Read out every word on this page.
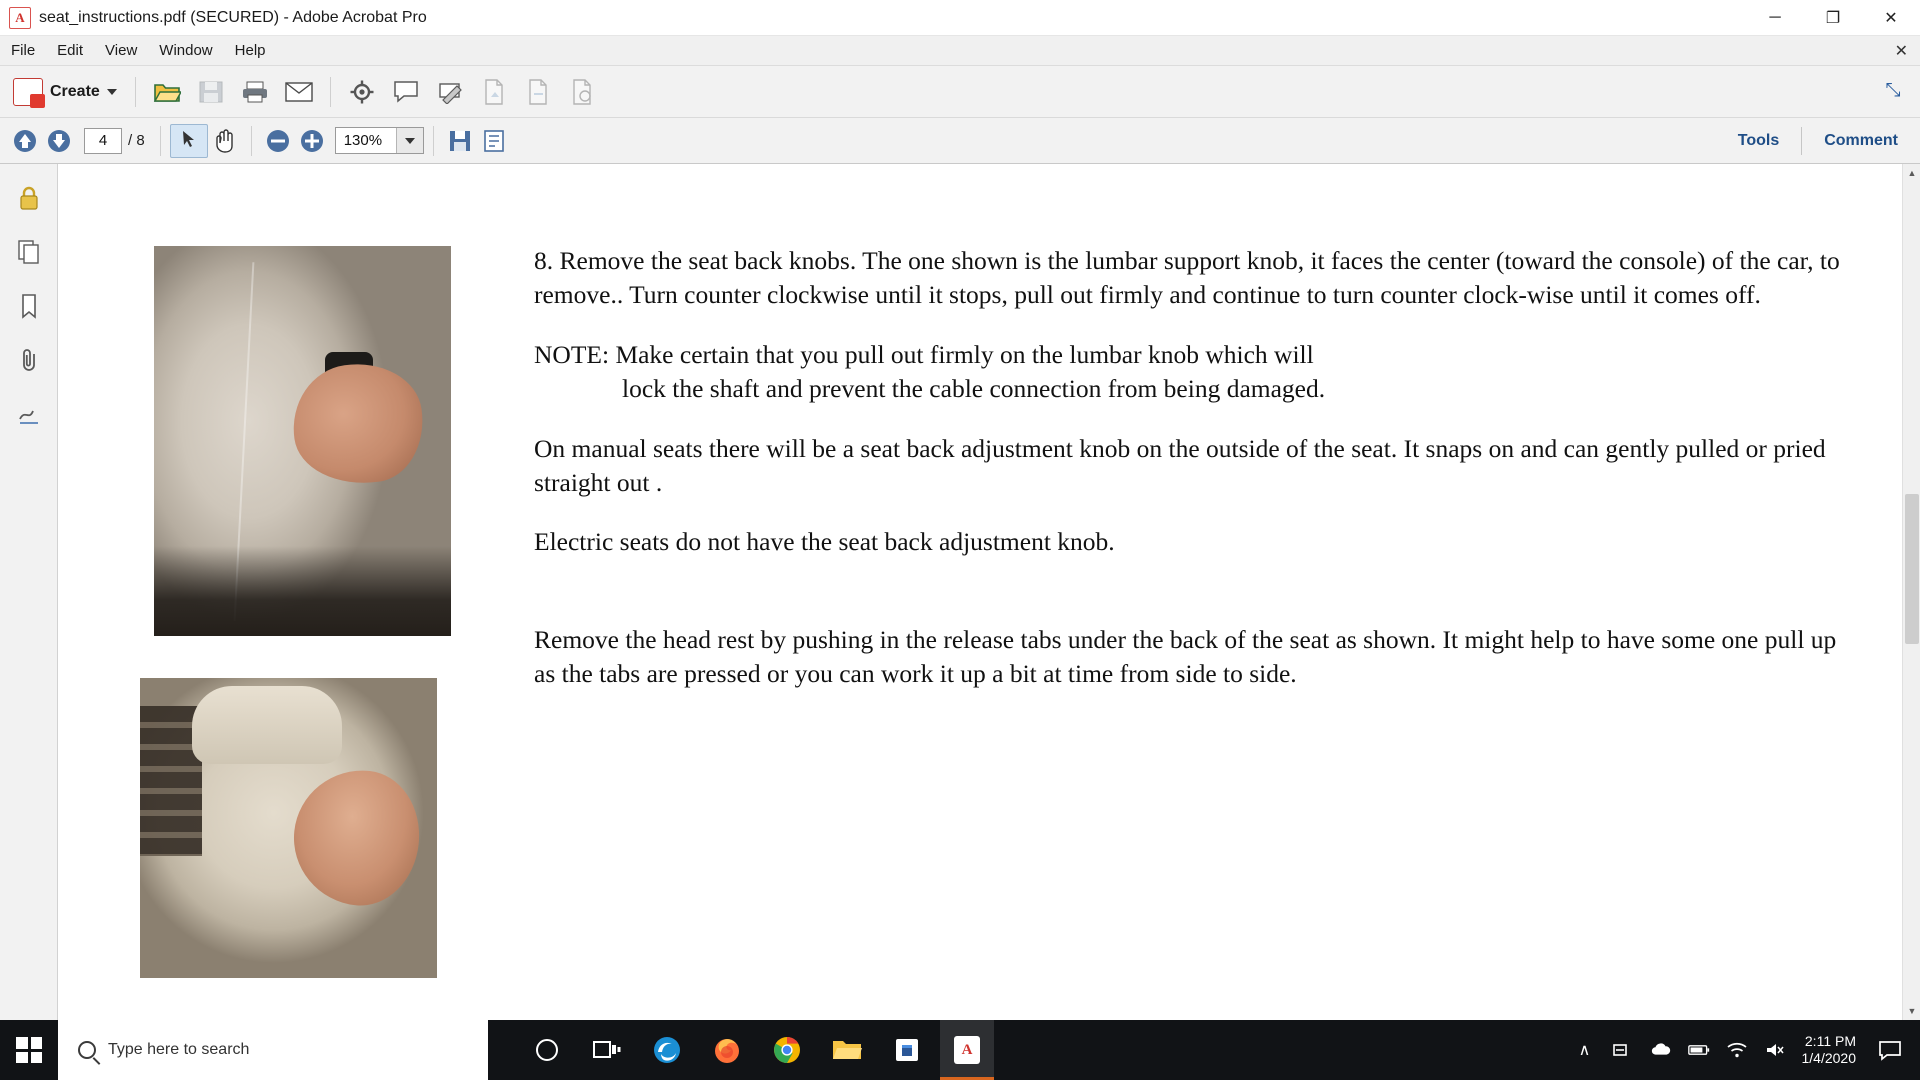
A seat_instructions.pdf (SECURED) - Adobe Acrobat Pro	─	❐	✕
File	Edit	View	Window	Help	✕
Create	⤡
4
/ 8	130%	Tools	Comment

8. Remove the seat back knobs. The one shown is the lumbar support knob, it faces the center (toward the console) of the car, to remove.. Turn counter clockwise until it stops, pull out firmly and continue to turn counter clock-wise until it comes off.

NOTE: Make certain that you pull out firmly on the lumbar knob which will
lock the shaft and prevent the cable connection from being damaged.

On manual seats there will be a seat back adjustment knob on the outside of the seat. It snaps on and can gently pulled or pried straight out .

Electric seats do not have the seat back adjustment knob.

Remove the head rest by pushing in the release tabs under the back of the seat as shown. It might help to have some one pull up as the tabs are pressed or you can work it up a bit at time from side to side.

▲
▼
Type here to search	A	∧
2:11 PM
1/4/2020
